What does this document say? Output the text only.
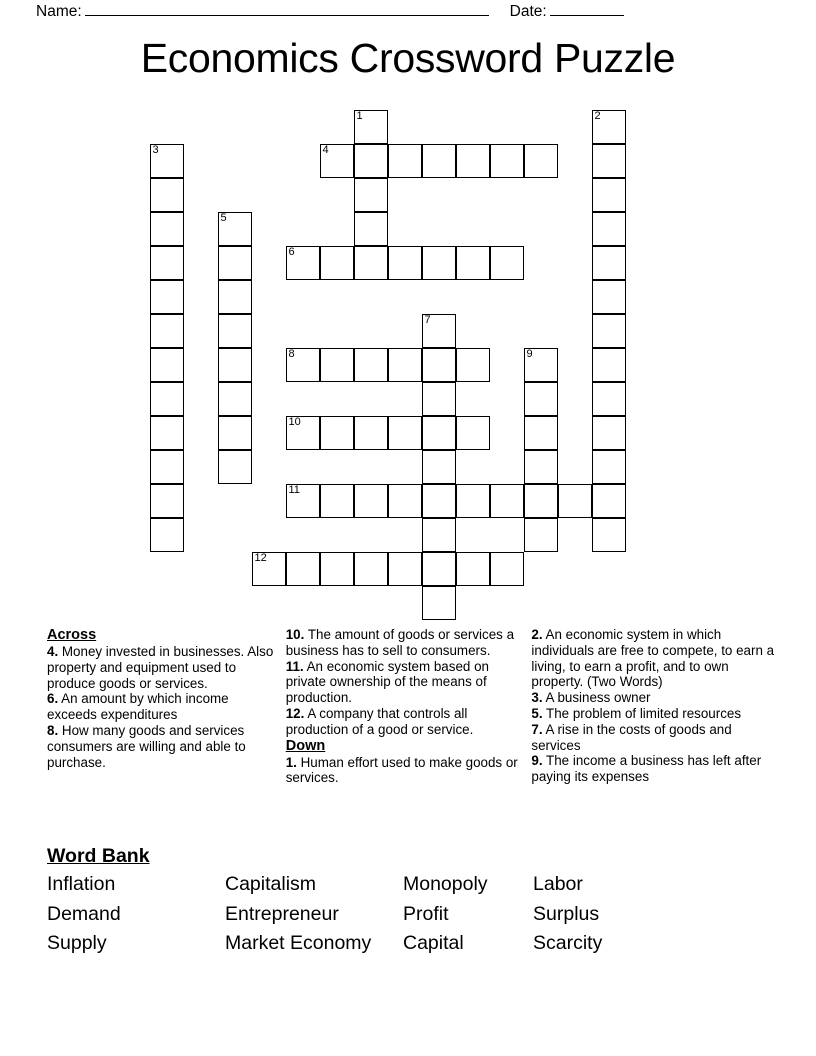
Name:	Date:
Economics Crossword Puzzle
1	2
3	4
5
6
7
8	9
10
11
12
Across
4. Money invested in businesses. Also property and equipment used to produce goods or services.
6. An amount by which income exceeds expenditures
8. How many goods and services consumers are willing and able to purchase.
10. The amount of goods or services a business has to sell to consumers.
11. An economic system based on private ownership of the means of production.
12. A company that controls all production of a good or service.
Down
1. Human effort used to make goods or services.
2. An economic system in which individuals are free to compete, to earn a living, to earn a profit, and to own property. (Two Words)
3. A business owner
5. The problem of limited resources
7. A rise in the costs of goods and services
9. The income a business has left after paying its expenses
Word Bank
Inflation	Capitalism	Monopoly	Labor
Demand	Entrepreneur	Profit	Surplus
Supply	Market Economy	Capital	Scarcity
